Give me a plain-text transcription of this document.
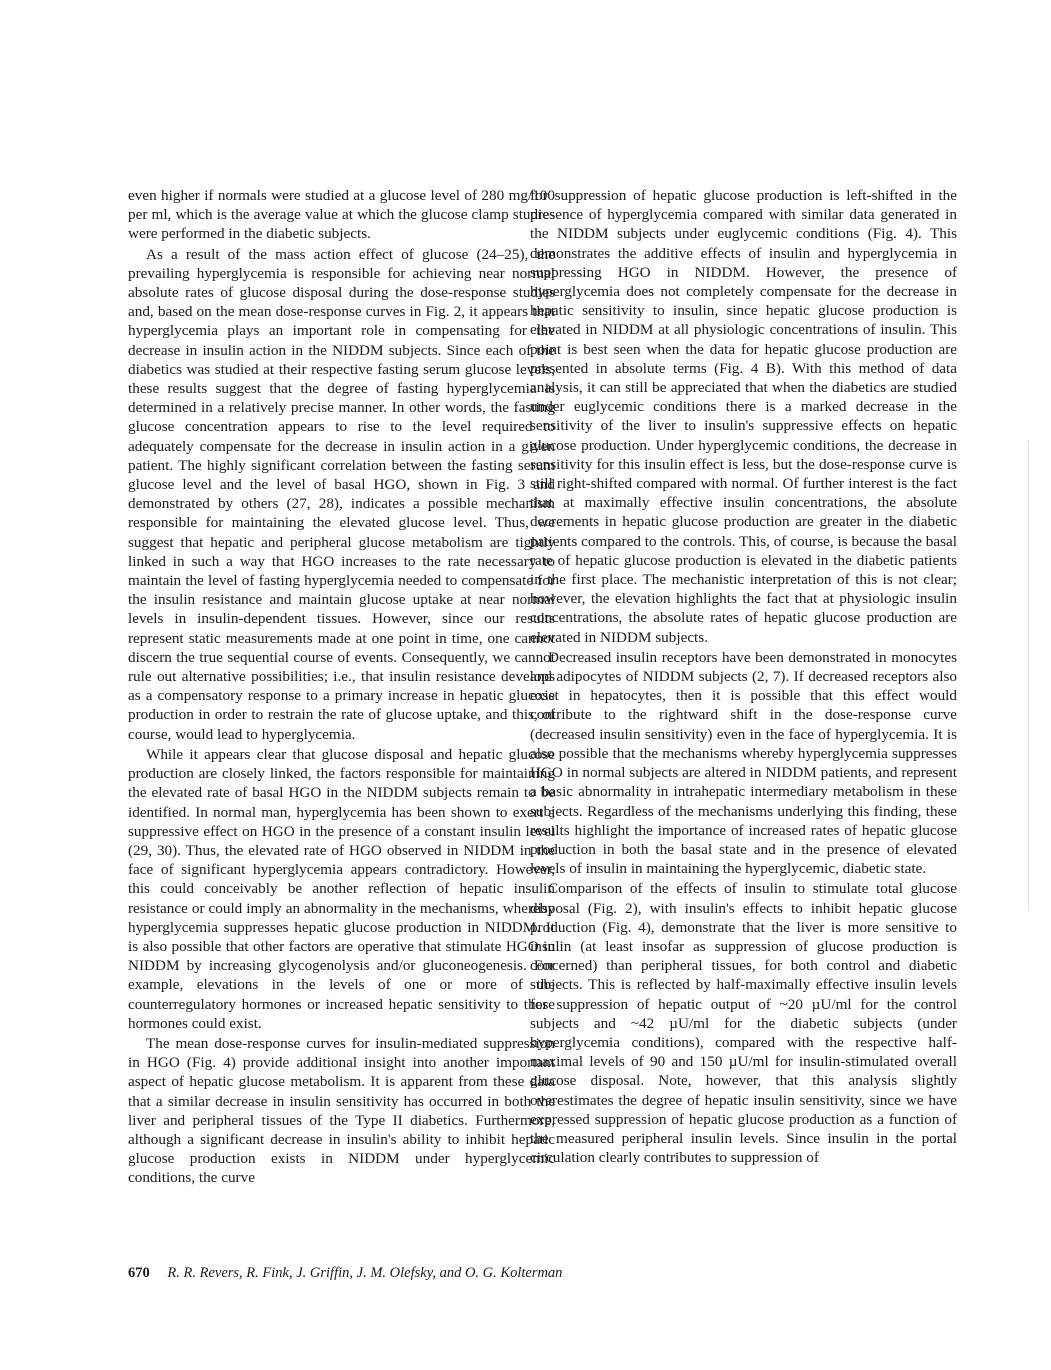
even higher if normals were studied at a glucose level of 280 mg/100 per ml, which is the average value at which the glucose clamp studies were performed in the diabetic subjects.

As a result of the mass action effect of glucose (24–25), the prevailing hyperglycemia is responsible for achieving near normal absolute rates of glucose disposal during the dose-response studies and, based on the mean dose-response curves in Fig. 2, it appears that hyperglycemia plays an important role in compensating for the decrease in insulin action in the NIDDM subjects. Since each of the diabetics was studied at their respective fasting serum glucose levels, these results suggest that the degree of fasting hyperglycemia is determined in a relatively precise manner. In other words, the fasting glucose concentration appears to rise to the level required to adequately compensate for the decrease in insulin action in a given patient. The highly significant correlation between the fasting serum glucose level and the level of basal HGO, shown in Fig. 3 and demonstrated by others (27, 28), indicates a possible mechanism responsible for maintaining the elevated glucose level. Thus, we suggest that hepatic and peripheral glucose metabolism are tightly linked in such a way that HGO increases to the rate necessary to maintain the level of fasting hyperglycemia needed to compensate for the insulin resistance and maintain glucose uptake at near normal levels in insulin-dependent tissues. However, since our results represent static measurements made at one point in time, one cannot discern the true sequential course of events. Consequently, we cannot rule out alternative possibilities; i.e., that insulin resistance develops as a compensatory response to a primary increase in hepatic glucose production in order to restrain the rate of glucose uptake, and this, of course, would lead to hyperglycemia.

While it appears clear that glucose disposal and hepatic glucose production are closely linked, the factors responsible for maintaining the elevated rate of basal HGO in the NIDDM subjects remain to be identified. In normal man, hyperglycemia has been shown to exert a suppressive effect on HGO in the presence of a constant insulin level (29, 30). Thus, the elevated rate of HGO observed in NIDDM in the face of significant hyperglycemia appears contradictory. However, this could conceivably be another reflection of hepatic insulin resistance or could imply an abnormality in the mechanisms, whereby hyperglycemia suppresses hepatic glucose production in NIDDM. It is also possible that other factors are operative that stimulate HGO in NIDDM by increasing glycogenolysis and/or gluconeogenesis. For example, elevations in the levels of one or more of the counterregulatory hormones or increased hepatic sensitivity to these hormones could exist.

The mean dose-response curves for insulin-mediated suppression in HGO (Fig. 4) provide additional insight into another important aspect of hepatic glucose metabolism. It is apparent from these data that a similar decrease in insulin sensitivity has occurred in both the liver and peripheral tissues of the Type II diabetics. Furthermore, although a significant decrease in insulin's ability to inhibit hepatic glucose production exists in NIDDM under hyperglycemic conditions, the curve

for suppression of hepatic glucose production is left-shifted in the presence of hyperglycemia compared with similar data generated in the NIDDM subjects under euglycemic conditions (Fig. 4). This demonstrates the additive effects of insulin and hyperglycemia in suppressing HGO in NIDDM. However, the presence of hyperglycemia does not completely compensate for the decrease in hepatic sensitivity to insulin, since hepatic glucose production is elevated in NIDDM at all physiologic concentrations of insulin. This point is best seen when the data for hepatic glucose production are presented in absolute terms (Fig. 4 B). With this method of data analysis, it can still be appreciated that when the diabetics are studied under euglycemic conditions there is a marked decrease in the sensitivity of the liver to insulin's suppressive effects on hepatic glucose production. Under hyperglycemic conditions, the decrease in sensitivity for this insulin effect is less, but the dose-response curve is still right-shifted compared with normal. Of further interest is the fact that at maximally effective insulin concentrations, the absolute decrements in hepatic glucose production are greater in the diabetic patients compared to the controls. This, of course, is because the basal rate of hepatic glucose production is elevated in the diabetic patients in the first place. The mechanistic interpretation of this is not clear; however, the elevation highlights the fact that at physiologic insulin concentrations, the absolute rates of hepatic glucose production are elevated in NIDDM subjects.

Decreased insulin receptors have been demonstrated in monocytes and adipocytes of NIDDM subjects (2, 7). If decreased receptors also exist in hepatocytes, then it is possible that this effect would contribute to the rightward shift in the dose-response curve (decreased insulin sensitivity) even in the face of hyperglycemia. It is also possible that the mechanisms whereby hyperglycemia suppresses HGO in normal subjects are altered in NIDDM patients, and represent a basic abnormality in intrahepatic intermediary metabolism in these subjects. Regardless of the mechanisms underlying this finding, these results highlight the importance of increased rates of hepatic glucose production in both the basal state and in the presence of elevated levels of insulin in maintaining the hyperglycemic, diabetic state.

Comparison of the effects of insulin to stimulate total glucose disposal (Fig. 2), with insulin's effects to inhibit hepatic glucose production (Fig. 4), demonstrate that the liver is more sensitive to insulin (at least insofar as suppression of glucose production is concerned) than peripheral tissues, for both control and diabetic subjects. This is reflected by half-maximally effective insulin levels for suppression of hepatic output of ~20 µU/ml for the control subjects and ~42 µU/ml for the diabetic subjects (under hyperglycemia conditions), compared with the respective half-maximal levels of 90 and 150 µU/ml for insulin-stimulated overall glucose disposal. Note, however, that this analysis slightly overestimates the degree of hepatic insulin sensitivity, since we have expressed suppression of hepatic glucose production as a function of the measured peripheral insulin levels. Since insulin in the portal circulation clearly contributes to suppression of

670 R. R. Revers, R. Fink, J. Griffin, J. M. Olefsky, and O. G. Kolterman
